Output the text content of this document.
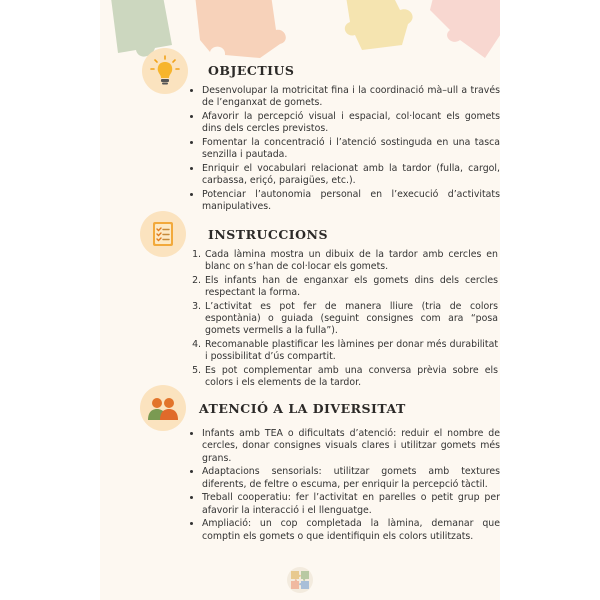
OBJECTIUS
• Desenvolupar la motricitat fina i la coordinació mà–ull a través de l’enganxat de gomets.
• Afavorir la percepció visual i espacial, col·locant els gomets dins dels cercles previstos.
• Fomentar la concentració i l’atenció sostinguda en una tasca senzilla i pautada.
• Enriquir el vocabulari relacionat amb la tardor (fulla, cargol, carbassa, eriçó, paraigües, etc.).
• Potenciar l’autonomia personal en l’execució d’activitats manipulatives.
INSTRUCCIONS
1. Cada làmina mostra un dibuix de la tardor amb cercles en blanc on s’han de col·locar els gomets.
2. Els infants han de enganxar els gomets dins dels cercles respectant la forma.
3. L’activitat es pot fer de manera lliure (tria de colors espontània) o guiada (seguint consignes com ara “posa gomets vermells a la fulla”).
4. Recomanable plastificar les làmines per donar més durabilitat i possibilitat d’ús compartit.
5. Es pot complementar amb una conversa prèvia sobre els colors i els elements de la tardor.
ATENCIÓ A LA DIVERSITAT
• Infants amb TEA o dificultats d’atenció: reduir el nombre de cercles, donar consignes visuals clares i utilitzar gomets més grans.
• Adaptacions sensorials: utilitzar gomets amb textures diferents, de feltre o escuma, per enriquir la percepció tàctil.
• Treball cooperatiu: fer l’activitat en parelles o petit grup per afavorir la interacció i el llenguatge.
• Ampliació: un cop completada la làmina, demanar que comptin els gomets o que identifiquin els colors utilitzats.
